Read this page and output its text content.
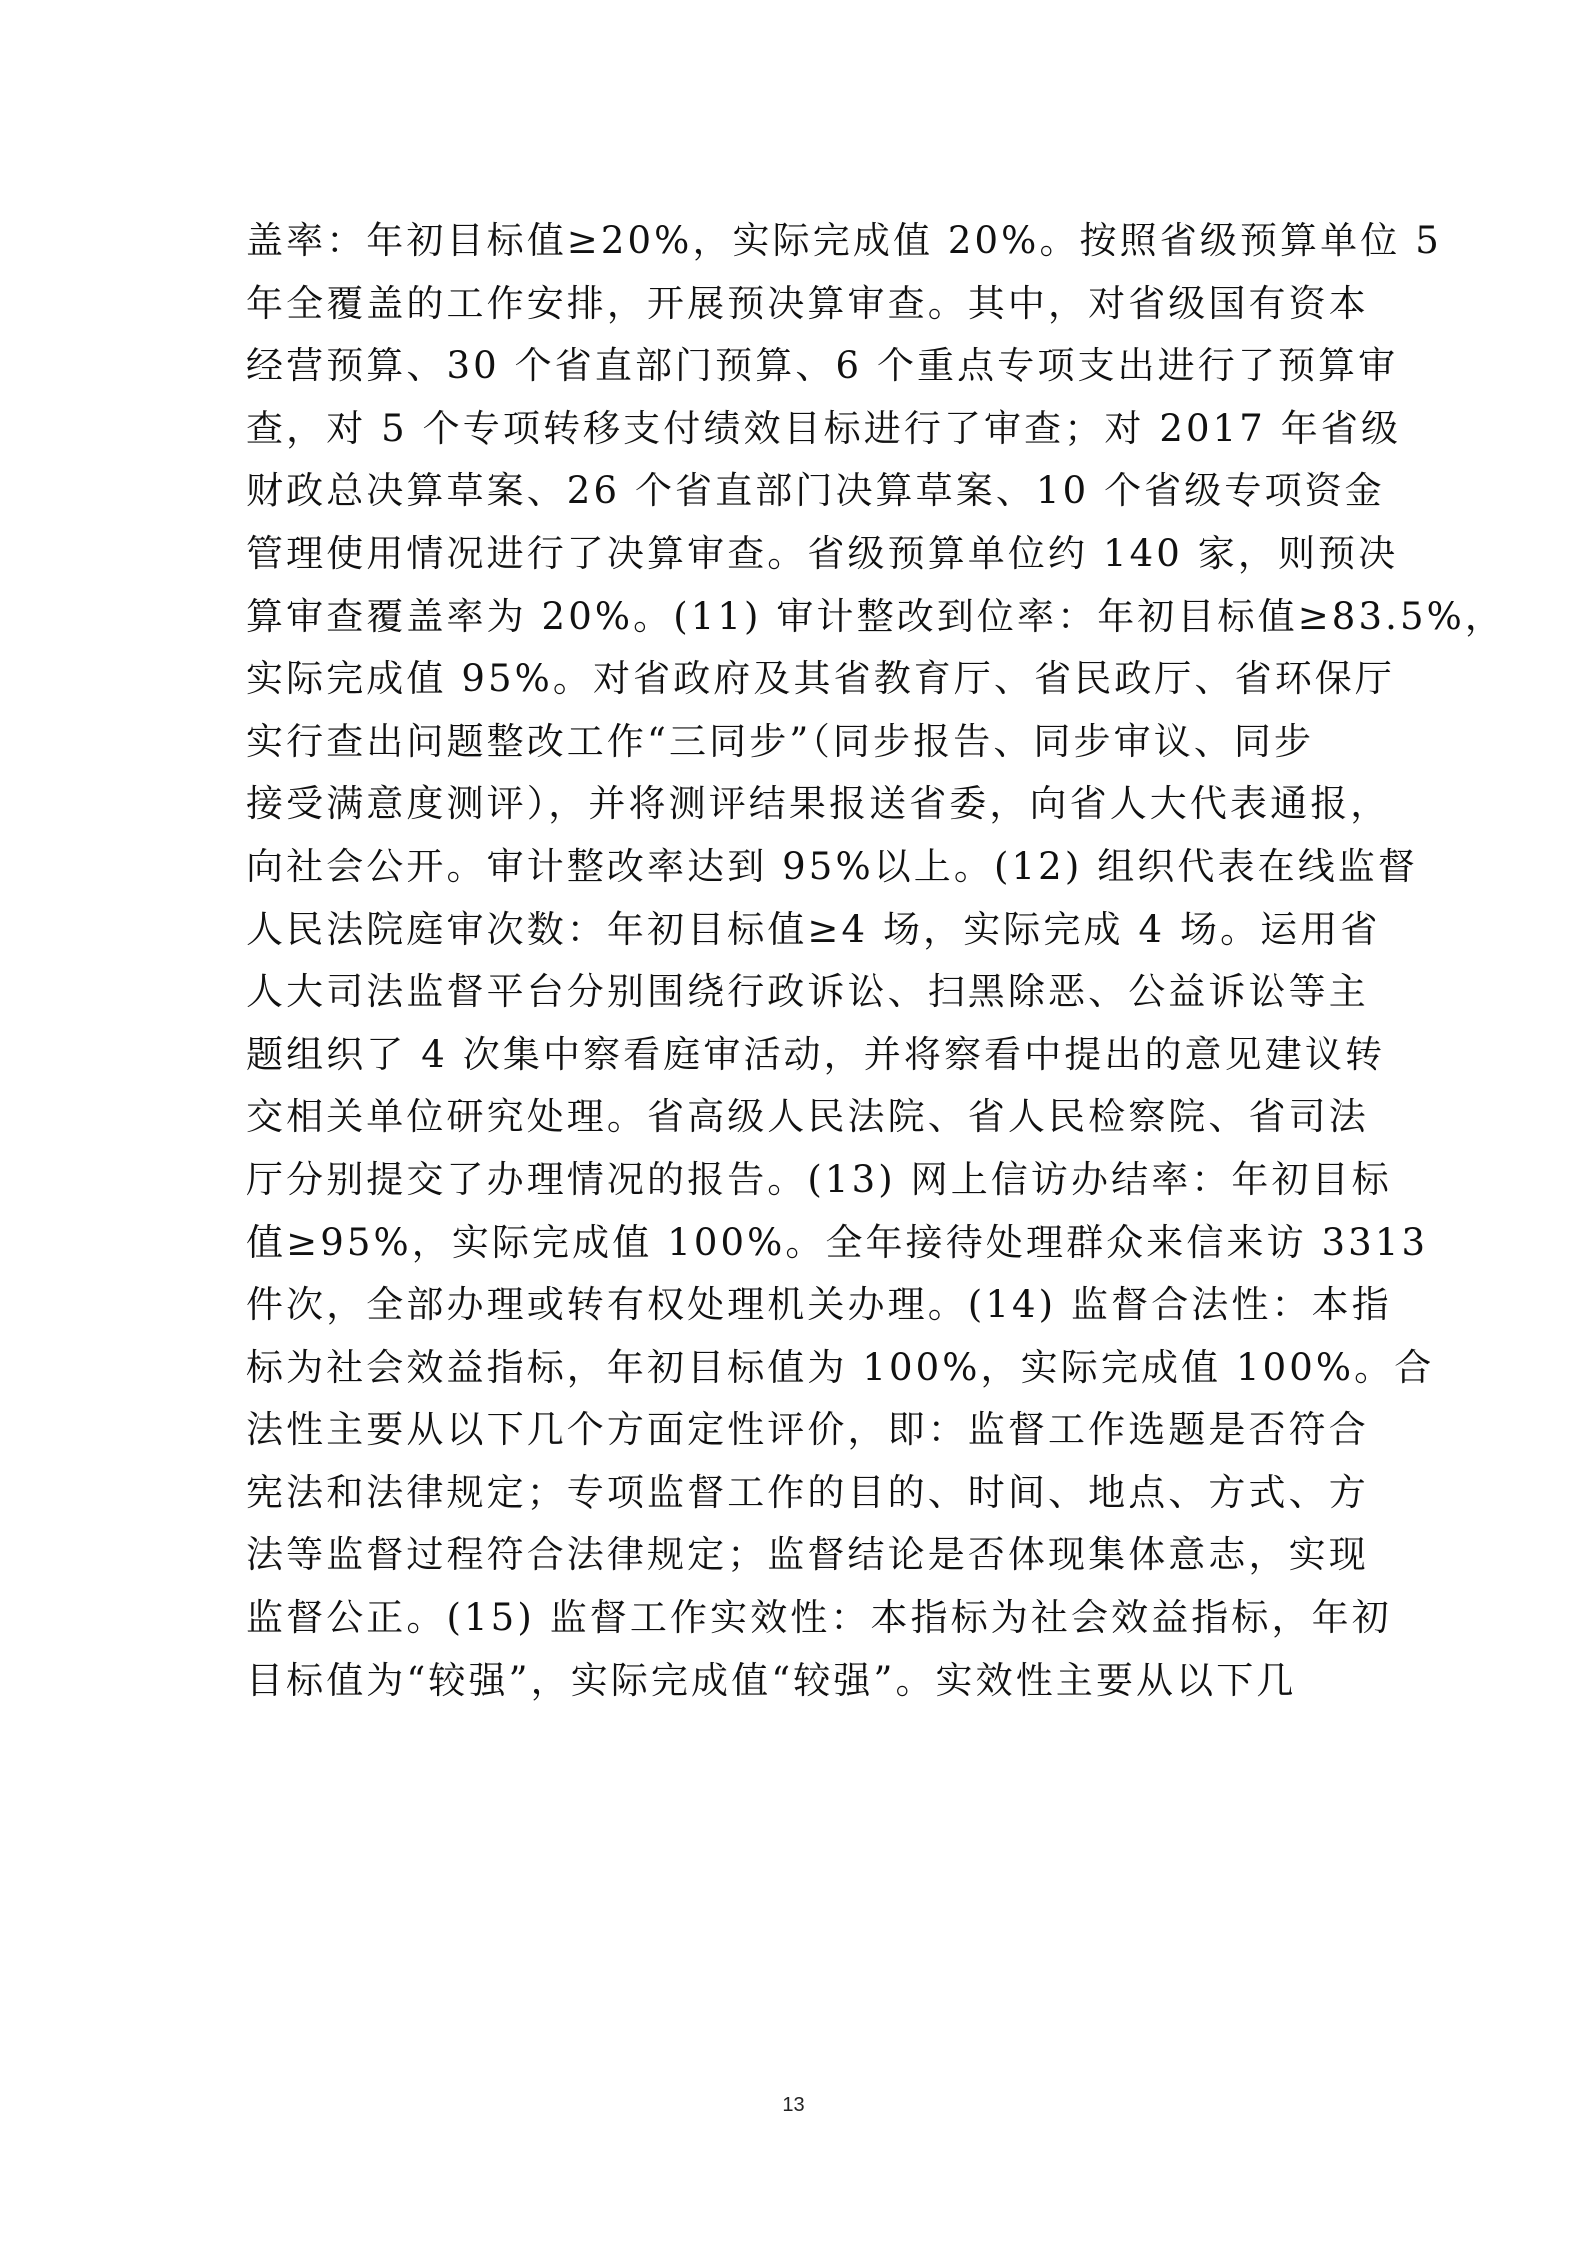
盖率：年初目标值≥20%，实际完成值 20%。按照省级预算单位 5
年全覆盖的工作安排，开展预决算审查。其中，对省级国有资本
经营预算、30 个省直部门预算、6 个重点专项支出进行了预算审
查，对 5 个专项转移支付绩效目标进行了审查；对 2017 年省级
财政总决算草案、26 个省直部门决算草案、10 个省级专项资金
管理使用情况进行了决算审查。省级预算单位约 140 家，则预决
算审查覆盖率为 20%。(11) 审计整改到位率：年初目标值≥83.5%，
实际完成值 95%。对省政府及其省教育厅、省民政厅、省环保厅
实行查出问题整改工作“三同步”（同步报告、同步审议、同步
接受满意度测评），并将测评结果报送省委，向省人大代表通报，
向社会公开。审计整改率达到 95%以上。(12) 组织代表在线监督
人民法院庭审次数：年初目标值≥4 场，实际完成 4 场。运用省
人大司法监督平台分别围绕行政诉讼、扫黑除恶、公益诉讼等主
题组织了 4 次集中察看庭审活动，并将察看中提出的意见建议转
交相关单位研究处理。省高级人民法院、省人民检察院、省司法
厅分别提交了办理情况的报告。(13) 网上信访办结率：年初目标
值≥95%，实际完成值 100%。全年接待处理群众来信来访 3313
件次，全部办理或转有权处理机关办理。(14) 监督合法性：本指
标为社会效益指标，年初目标值为 100%，实际完成值 100%。合
法性主要从以下几个方面定性评价，即：监督工作选题是否符合
宪法和法律规定；专项监督工作的目的、时间、地点、方式、方
法等监督过程符合法律规定；监督结论是否体现集体意志，实现
监督公正。(15) 监督工作实效性：本指标为社会效益指标，年初
目标值为“较强”，实际完成值“较强”。实效性主要从以下几
13
